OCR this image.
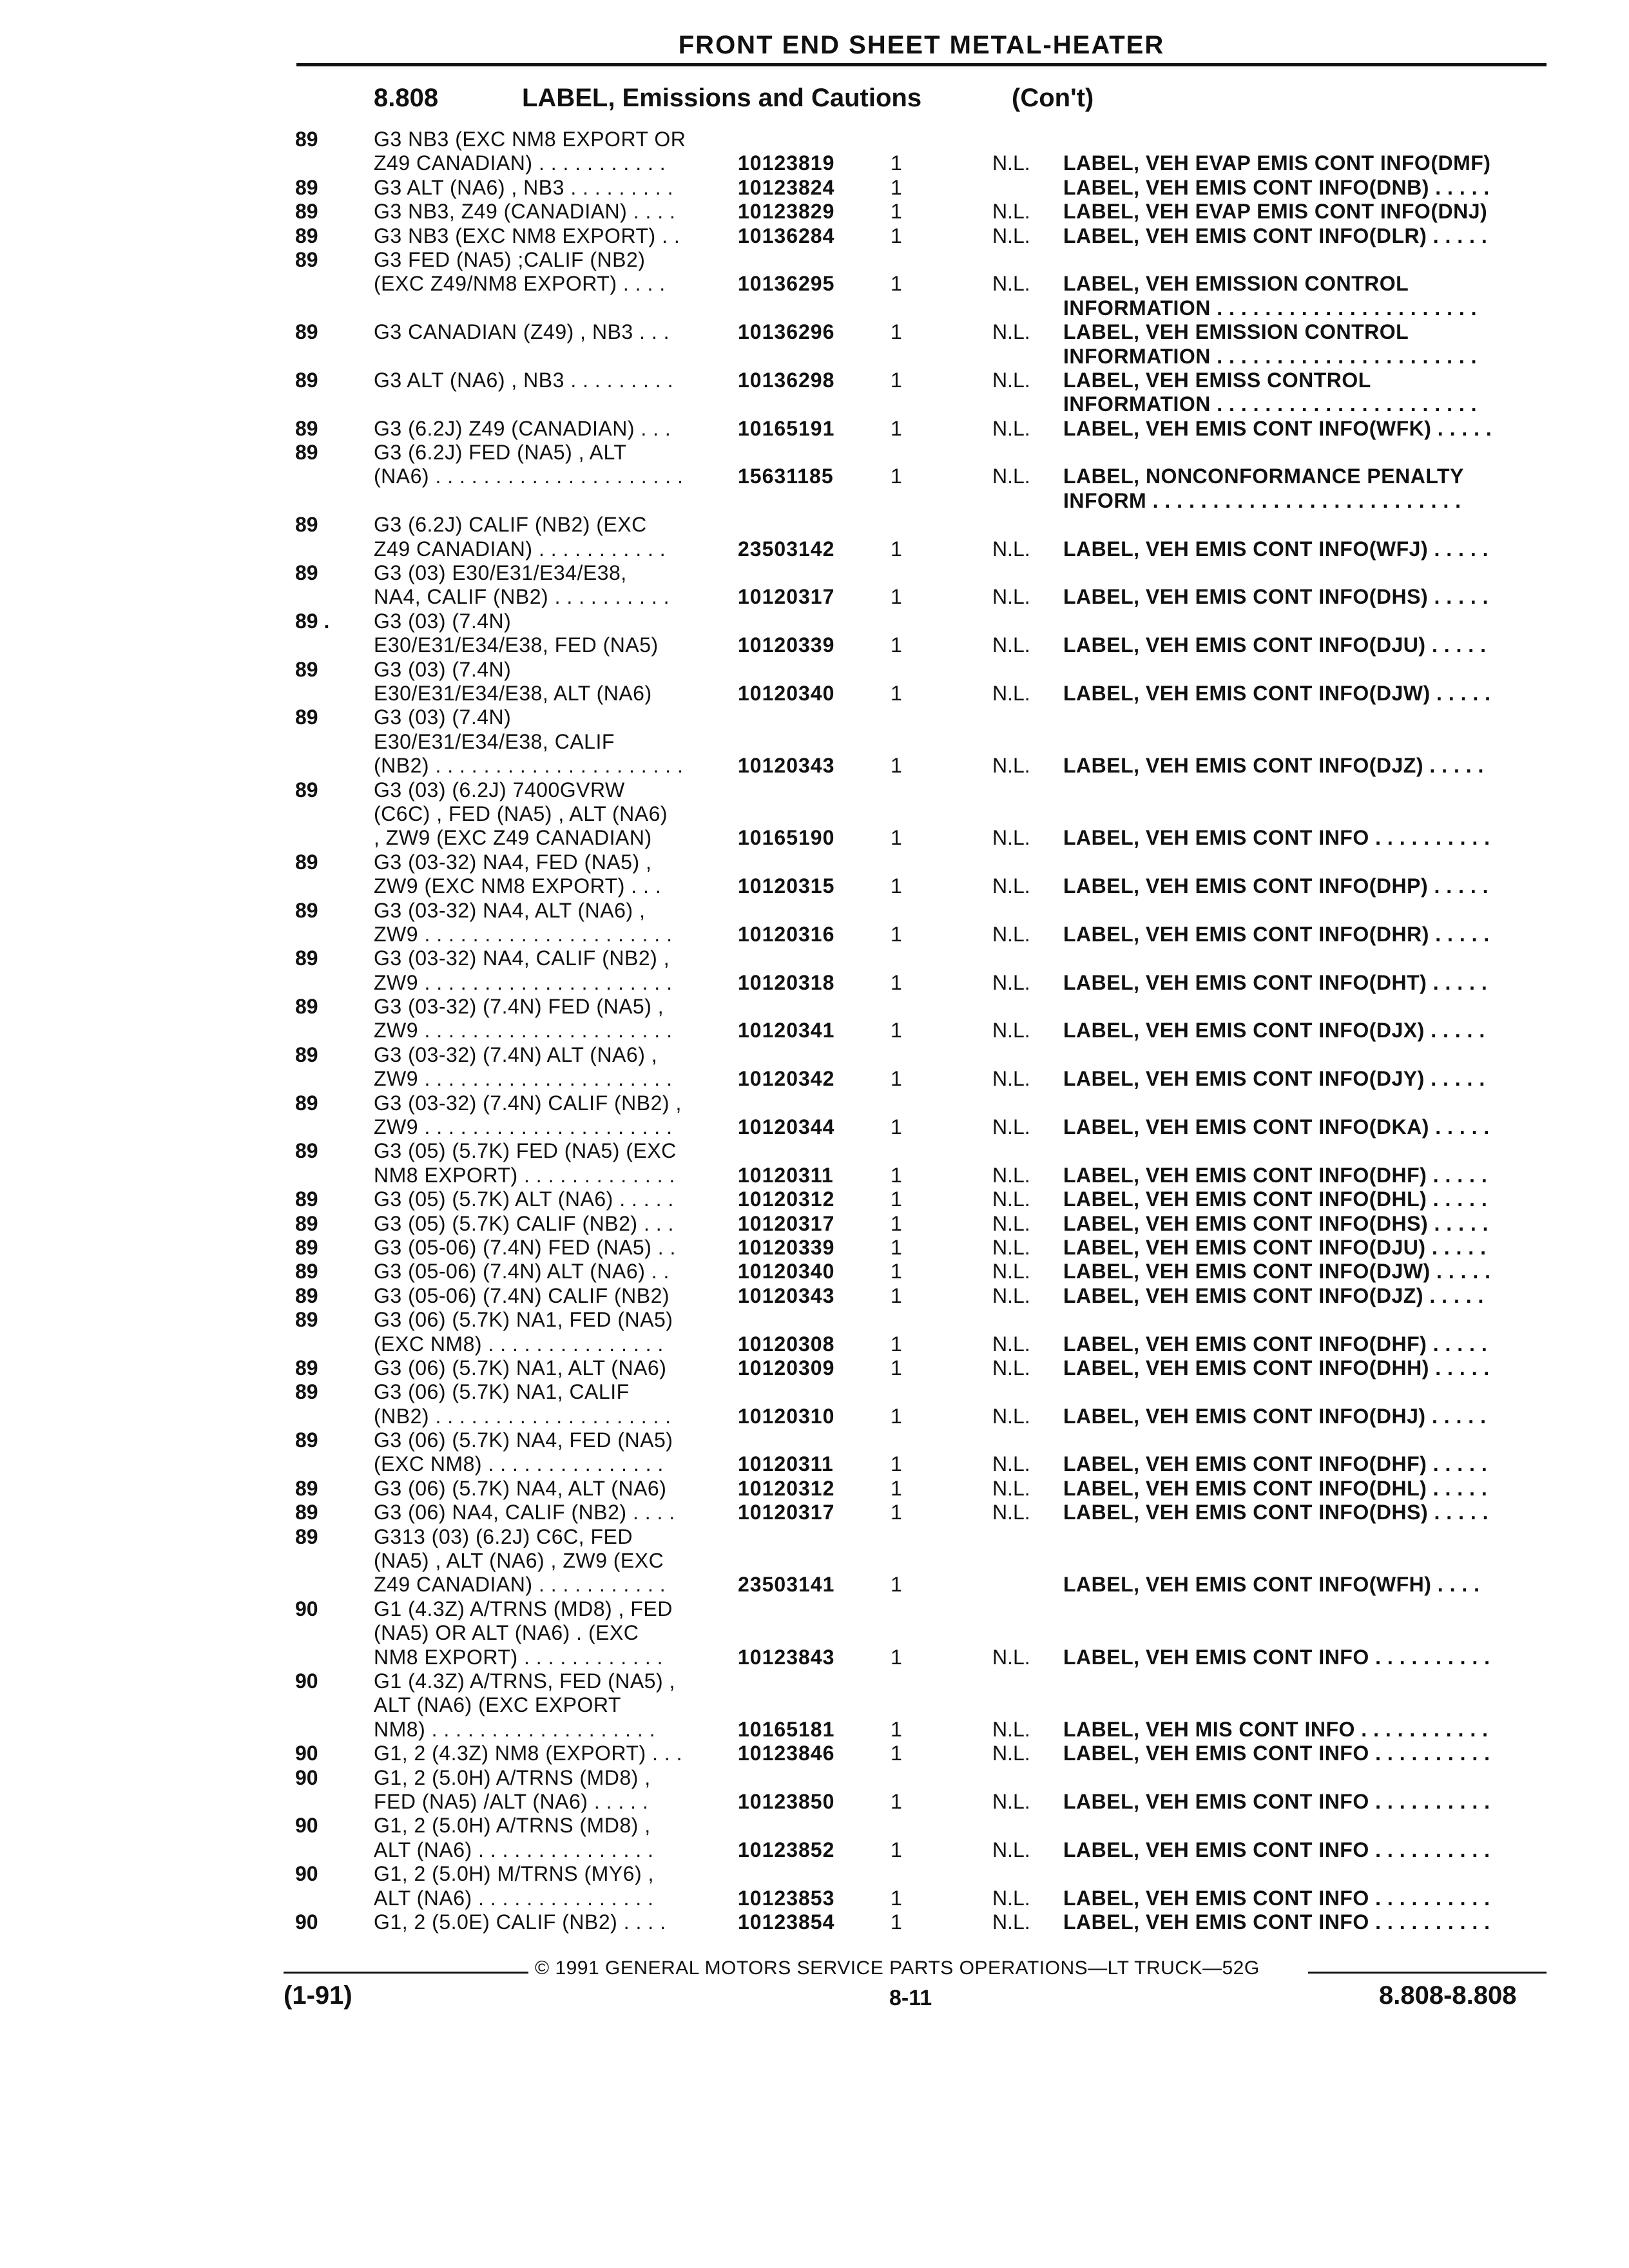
FRONT END SHEET METAL-HEATER
8.808	LABEL, Emissions and Cautions	(Con't)
89	G3 NB3 (EXC NM8 EXPORT OR
Z49 CANADIAN) . . . . . . . . . . .	10123819	1	N.L. LABEL, VEH EVAP EMIS CONT INFO(DMF)
89	G3 ALT (NA6) , NB3 . . . . . . . . .	10123824	1	LABEL, VEH EMIS CONT INFO(DNB) . . . . .
89	G3 NB3, Z49 (CANADIAN) . . . .	10123829	1	N.L. LABEL, VEH EVAP EMIS CONT INFO(DNJ)
89	G3 NB3 (EXC NM8 EXPORT) . .	10136284	1	N.L. LABEL, VEH EMIS CONT INFO(DLR) . . . . .
89	G3 FED (NA5) ;CALIF (NB2)
(EXC Z49/NM8 EXPORT) . . . .	10136295	1	N.L. LABEL, VEH EMISSION CONTROL
INFORMATION . . . . . . . . . . . . . . . . . . . . . .
89	G3 CANADIAN (Z49) , NB3 . . .	10136296	1	N.L. LABEL, VEH EMISSION CONTROL
INFORMATION . . . . . . . . . . . . . . . . . . . . . .
89	G3 ALT (NA6) , NB3 . . . . . . . . .	10136298	1	N.L. LABEL, VEH EMISS CONTROL
INFORMATION . . . . . . . . . . . . . . . . . . . . . .
89	G3 (6.2J) Z49 (CANADIAN) . . .	10165191	1	N.L. LABEL, VEH EMIS CONT INFO(WFK) . . . . .
89	G3 (6.2J) FED (NA5) , ALT
(NA6) . . . . . . . . . . . . . . . . . . . . .	15631185	1	N.L. LABEL, NONCONFORMANCE PENALTY
INFORM . . . . . . . . . . . . . . . . . . . . . . . . . .
89	G3 (6.2J) CALIF (NB2) (EXC
Z49 CANADIAN) . . . . . . . . . . .	23503142	1	N.L. LABEL, VEH EMIS CONT INFO(WFJ) . . . . .
89	G3 (03) E30/E31/E34/E38,
NA4, CALIF (NB2) . . . . . . . . . .	10120317	1	N.L. LABEL, VEH EMIS CONT INFO(DHS) . . . . .
89 . G3 (03) (7.4N)
E30/E31/E34/E38, FED (NA5)	10120339	1	N.L. LABEL, VEH EMIS CONT INFO(DJU) . . . . .
89	G3 (03) (7.4N)
E30/E31/E34/E38, ALT (NA6)	10120340	1	N.L. LABEL, VEH EMIS CONT INFO(DJW) . . . . .
89	G3 (03) (7.4N)
E30/E31/E34/E38, CALIF
(NB2) . . . . . . . . . . . . . . . . . . . . .	10120343	1	N.L. LABEL, VEH EMIS CONT INFO(DJZ) . . . . .
89	G3 (03) (6.2J) 7400GVRW
(C6C) , FED (NA5) , ALT (NA6)
, ZW9 (EXC Z49 CANADIAN)	10165190	1	N.L. LABEL, VEH EMIS CONT INFO . . . . . . . . . .
89	G3 (03-32) NA4, FED (NA5) ,
ZW9 (EXC NM8 EXPORT) . . .	10120315	1	N.L. LABEL, VEH EMIS CONT INFO(DHP) . . . . .
89	G3 (03-32) NA4, ALT (NA6) ,
ZW9 . . . . . . . . . . . . . . . . . . . . .	10120316	1	N.L. LABEL, VEH EMIS CONT INFO(DHR) . . . . .
89	G3 (03-32) NA4, CALIF (NB2) ,
ZW9 . . . . . . . . . . . . . . . . . . . . .	10120318	1	N.L. LABEL, VEH EMIS CONT INFO(DHT) . . . . .
89	G3 (03-32) (7.4N) FED (NA5) ,
ZW9 . . . . . . . . . . . . . . . . . . . . .	10120341	1	N.L. LABEL, VEH EMIS CONT INFO(DJX) . . . . .
89	G3 (03-32) (7.4N) ALT (NA6) ,
ZW9 . . . . . . . . . . . . . . . . . . . . .	10120342	1	N.L. LABEL, VEH EMIS CONT INFO(DJY) . . . . .
89	G3 (03-32) (7.4N) CALIF (NB2) ,
ZW9 . . . . . . . . . . . . . . . . . . . . .	10120344	1	N.L. LABEL, VEH EMIS CONT INFO(DKA) . . . . .
89	G3 (05) (5.7K) FED (NA5) (EXC
NM8 EXPORT) . . . . . . . . . . . . .	10120311	1	N.L. LABEL, VEH EMIS CONT INFO(DHF) . . . . .
89	G3 (05) (5.7K) ALT (NA6) . . . . .	10120312	1	N.L. LABEL, VEH EMIS CONT INFO(DHL) . . . . .
89	G3 (05) (5.7K) CALIF (NB2) . . .	10120317	1	N.L. LABEL, VEH EMIS CONT INFO(DHS) . . . . .
89	G3 (05-06) (7.4N) FED (NA5) . .	10120339	1	N.L. LABEL, VEH EMIS CONT INFO(DJU) . . . . .
89	G3 (05-06) (7.4N) ALT (NA6) . .	10120340	1	N.L. LABEL, VEH EMIS CONT INFO(DJW) . . . . .
89	G3 (05-06) (7.4N) CALIF (NB2)	10120343	1	N.L. LABEL, VEH EMIS CONT INFO(DJZ) . . . . .
89	G3 (06) (5.7K) NA1, FED (NA5)
(EXC NM8) . . . . . . . . . . . . . . .	10120308	1	N.L. LABEL, VEH EMIS CONT INFO(DHF) . . . . .
89	G3 (06) (5.7K) NA1, ALT (NA6)	10120309	1	N.L. LABEL, VEH EMIS CONT INFO(DHH) . . . . .
89	G3 (06) (5.7K) NA1, CALIF
(NB2) . . . . . . . . . . . . . . . . . . . .	10120310	1	N.L. LABEL, VEH EMIS CONT INFO(DHJ) . . . . .
89	G3 (06) (5.7K) NA4, FED (NA5)
(EXC NM8) . . . . . . . . . . . . . . .	10120311	1	N.L. LABEL, VEH EMIS CONT INFO(DHF) . . . . .
89	G3 (06) (5.7K) NA4, ALT (NA6)	10120312	1	N.L. LABEL, VEH EMIS CONT INFO(DHL) . . . . .
89	G3 (06) NA4, CALIF (NB2) . . . .	10120317	1	N.L. LABEL, VEH EMIS CONT INFO(DHS) . . . . .
89	G313 (03) (6.2J) C6C, FED
(NA5) , ALT (NA6) , ZW9 (EXC
Z49 CANADIAN) . . . . . . . . . . .	23503141	1	LABEL, VEH EMIS CONT INFO(WFH) . . . .
90	G1 (4.3Z) A/TRNS (MD8) , FED
(NA5) OR ALT (NA6) . (EXC
NM8 EXPORT) . . . . . . . . . . . .	10123843	1	N.L. LABEL, VEH EMIS CONT INFO . . . . . . . . . .
90	G1 (4.3Z) A/TRNS, FED (NA5) ,
ALT (NA6) (EXC EXPORT
NM8) . . . . . . . . . . . . . . . . . . .	10165181	1	N.L. LABEL, VEH MIS CONT INFO . . . . . . . . . . .
90	G1, 2 (4.3Z) NM8 (EXPORT) . . .	10123846	1	N.L. LABEL, VEH EMIS CONT INFO . . . . . . . . . .
90	G1, 2 (5.0H) A/TRNS (MD8) ,
FED (NA5) /ALT (NA6) . . . . .	10123850	1	N.L. LABEL, VEH EMIS CONT INFO . . . . . . . . . .
90	G1, 2 (5.0H) A/TRNS (MD8) ,
ALT (NA6) . . . . . . . . . . . . . . .	10123852	1	N.L. LABEL, VEH EMIS CONT INFO . . . . . . . . . .
90	G1, 2 (5.0H) M/TRNS (MY6) ,
ALT (NA6) . . . . . . . . . . . . . . .	10123853	1	N.L. LABEL, VEH EMIS CONT INFO . . . . . . . . . .
90	G1, 2 (5.0E) CALIF (NB2) . . . .	10123854	1	N.L. LABEL, VEH EMIS CONT INFO . . . . . . . . . .
© 1991 GENERAL MOTORS SERVICE PARTS OPERATIONS—LT TRUCK—52G
(1-91)	8-11	8.808-8.808
